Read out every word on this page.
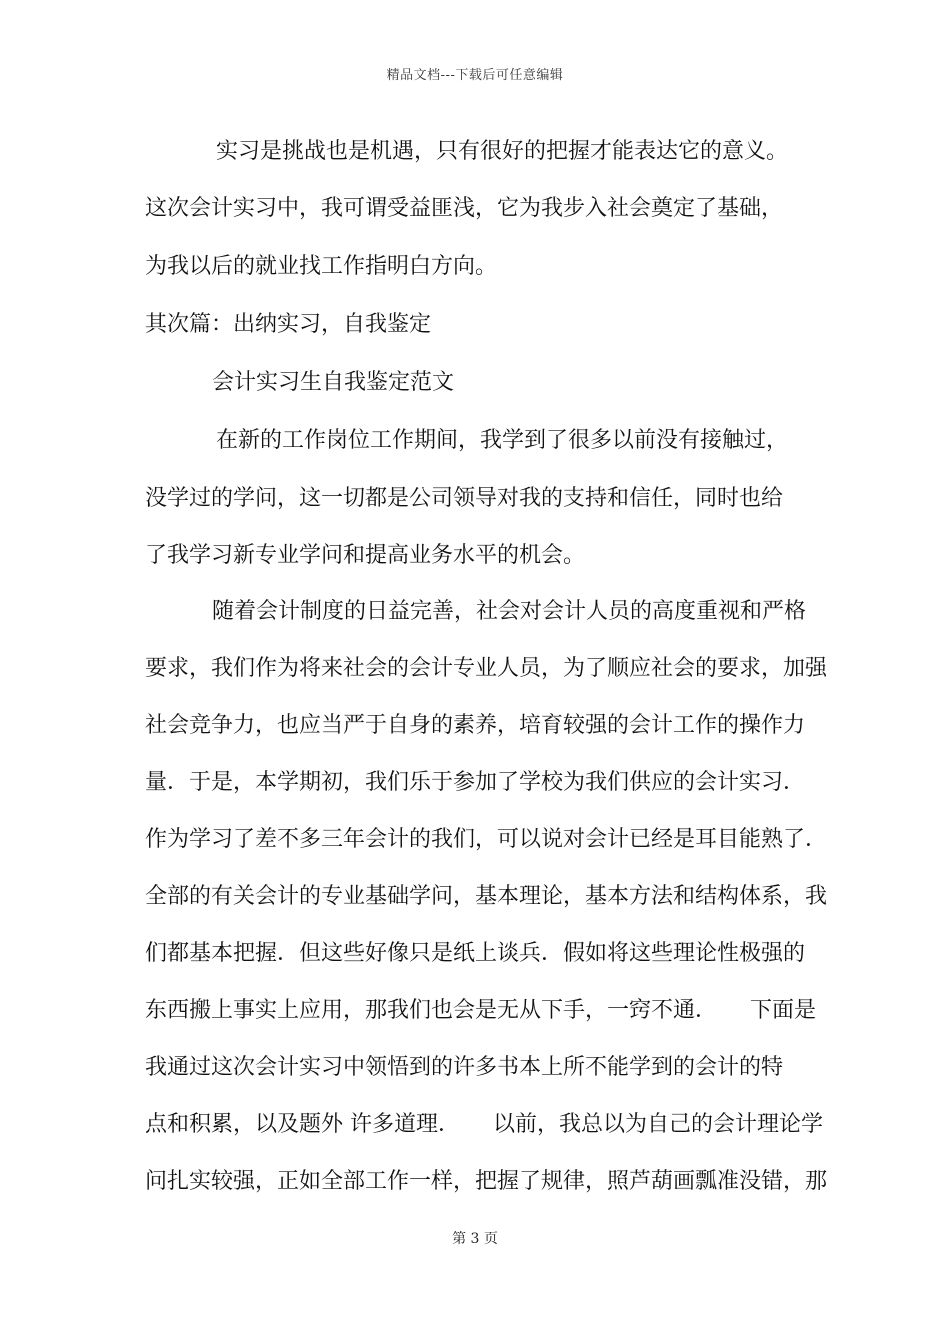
精品文档---下载后可任意编辑
实习是挑战也是机遇，只有很好的把握才能表达它的意义。
这次会计实习中，我可谓受益匪浅，它为我步入社会奠定了基础，
为我以后的就业找工作指明白方向。
其次篇：出纳实习，自我鉴定
会计实习生自我鉴定范文
在新的工作岗位工作期间，我学到了很多以前没有接触过，
没学过的学问，这一切都是公司领导对我的支持和信任，同时也给
了我学习新专业学问和提高业务水平的机会。
随着会计制度的日益完善，社会对会计人员的高度重视和严格
要求，我们作为将来社会的会计专业人员，为了顺应社会的要求，加强
社会竞争力，也应当严于自身的素养，培育较强的会计工作的操作力
量．于是，本学期初，我们乐于参加了学校为我们供应的会计实习．
作为学习了差不多三年会计的我们，可以说对会计已经是耳目能熟了．
全部的有关会计的专业基础学问，基本理论，基本方法和结构体系，我
们都基本把握．但这些好像只是纸上谈兵．假如将这些理论性极强的
东西搬上事实上应用，那我们也会是无从下手，一窍不通．　　下面是
我通过这次会计实习中领悟到的许多书本上所不能学到的会计的特
点和积累，以及题外 许多道理．　　以前，我总以为自己的会计理论学
问扎实较强，正如全部工作一样，把握了规律，照芦葫画瓢准没错，那
第 3 页
